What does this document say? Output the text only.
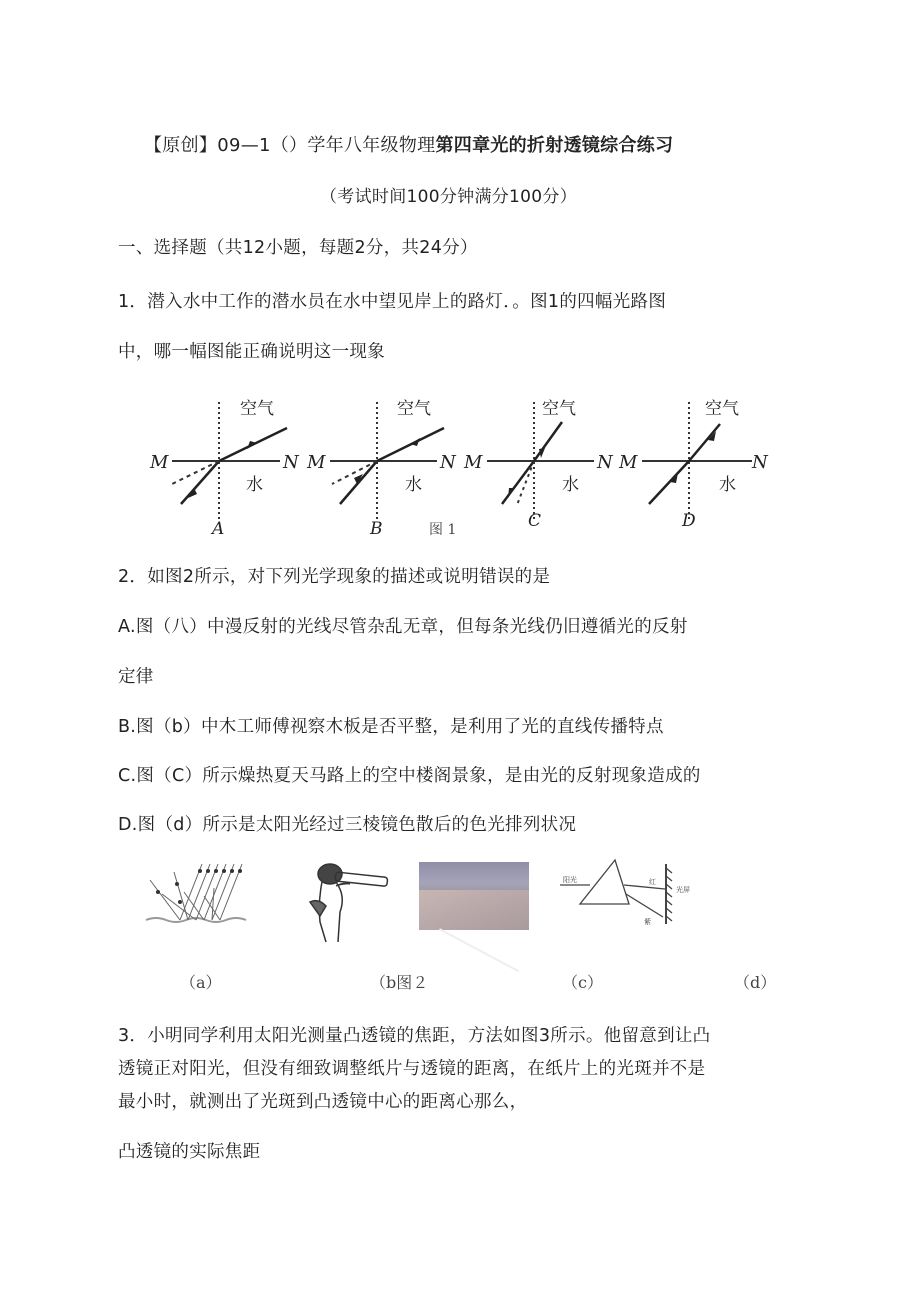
【原创】09—1（）学年八年级物理第四章光的折射透镜综合练习
（考试时间100分钟满分100分）
一、选择题（共12小题，每题2分，共24分）
1．潜入水中工作的潜水员在水中望见岸上的路灯．。图1的四幅光路图
中，哪一幅图能正确说明这一现象
M	N
空气
水
A
M	N
空气
水
B
M	N
空气
水
C
M	N
空气
水
D
图 1
2．如图2所示，对下列光学现象的描述或说明错误的是
A.图（八）中漫反射的光线尽管杂乱无章，但每条光线仍旧遵循光的反射
定律
B.图（b）中木工师傅视察木板是否平整，是利用了光的直线传播特点
C.图（C）所示燥热夏天马路上的空中楼阁景象，是由光的反射现象造成的
D.图（d）所示是太阳光经过三棱镜色散后的色光排列状况
阳光	红
紫
光屏
（a）	（b图２	（c）	（d）
3．小明同学利用太阳光测量凸透镜的焦距，方法如图3所示。他留意到让凸
透镜正对阳光，但没有细致调整纸片与透镜的距离，在纸片上的光斑并不是
最小时，就测出了光斑到凸透镜中心的距离心那么，
凸透镜的实际焦距
